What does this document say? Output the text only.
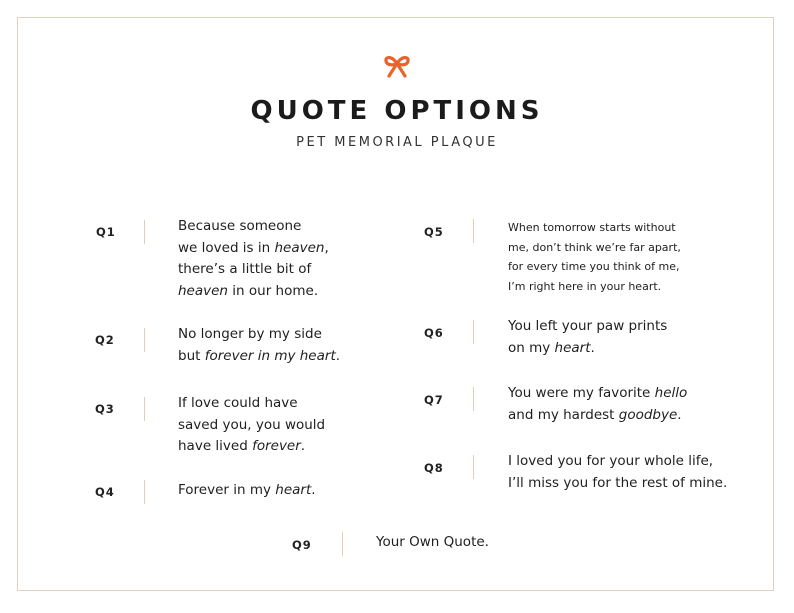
QUOTE OPTIONS
PET MEMORIAL PLAQUE
Q1	Because someone
we loved is in heaven,
there’s a little bit of
heaven in our home.
Q2	No longer by my side
but forever in my heart.
Q3	If love could have
saved you, you would
have lived forever.
Q4	Forever in my heart.
Q5	When tomorrow starts without
me, don’t think we’re far apart,
for every time you think of me,
I’m right here in your heart.
Q6	You left your paw prints
on my heart.
Q7	You were my favorite hello
and my hardest goodbye.
Q8	I loved you for your whole life,
I’ll miss you for the rest of mine.
Q9	Your Own Quote.
